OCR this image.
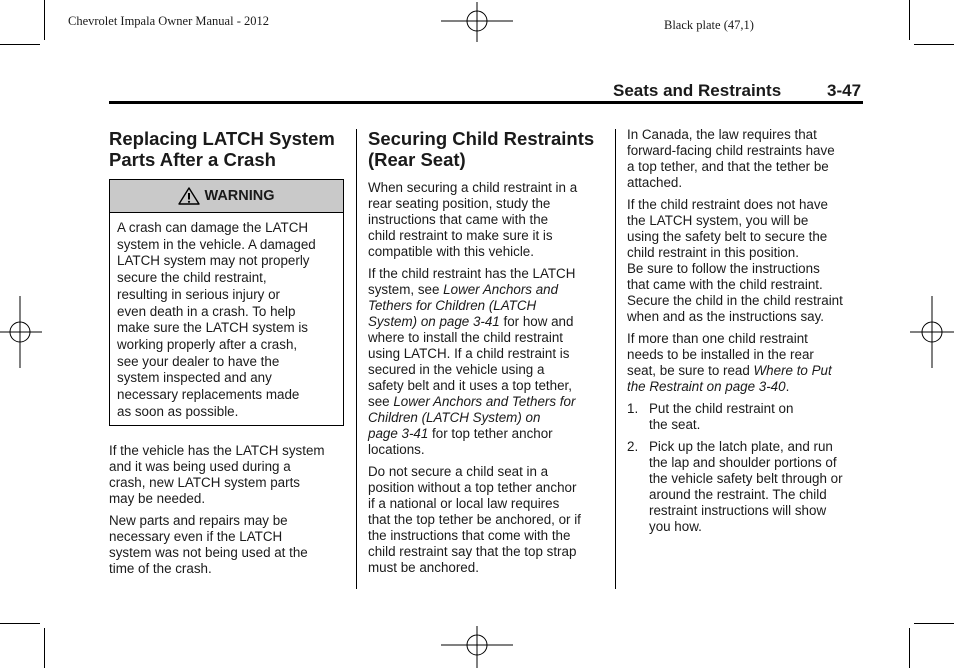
Chevrolet Impala Owner Manual - 2012	Black plate (47,1)
Seats and Restraints	3-47
Replacing LATCH System
Parts After a Crash
WARNING
A crash can damage the LATCH
system in the vehicle. A damaged
LATCH system may not properly
secure the child restraint,
resulting in serious injury or
even death in a crash. To help
make sure the LATCH system is
working properly after a crash,
see your dealer to have the
system inspected and any
necessary replacements made
as soon as possible.

If the vehicle has the LATCH system
and it was being used during a
crash, new LATCH system parts
may be needed.

New parts and repairs may be
necessary even if the LATCH
system was not being used at the
time of the crash.

Securing Child Restraints
(Rear Seat)

When securing a child restraint in a
rear seating position, study the
instructions that came with the
child restraint to make sure it is
compatible with this vehicle.

If the child restraint has the LATCH
system, see Lower Anchors and
Tethers for Children (LATCH
System) on page 3-41 for how and
where to install the child restraint
using LATCH. If a child restraint is
secured in the vehicle using a
safety belt and it uses a top tether,
see Lower Anchors and Tethers for
Children (LATCH System) on
page 3-41 for top tether anchor
locations.

Do not secure a child seat in a
position without a top tether anchor
if a national or local law requires
that the top tether be anchored, or if
the instructions that come with the
child restraint say that the top strap
must be anchored.

In Canada, the law requires that
forward-facing child restraints have
a top tether, and that the tether be
attached.

If the child restraint does not have
the LATCH system, you will be
using the safety belt to secure the
child restraint in this position.
Be sure to follow the instructions
that came with the child restraint.
Secure the child in the child restraint
when and as the instructions say.

If more than one child restraint
needs to be installed in the rear
seat, be sure to read Where to Put
the Restraint on page 3-40.

1. Put the child restraint on
the seat.
2. Pick up the latch plate, and run
the lap and shoulder portions of
the vehicle safety belt through or
around the restraint. The child
restraint instructions will show
you how.
